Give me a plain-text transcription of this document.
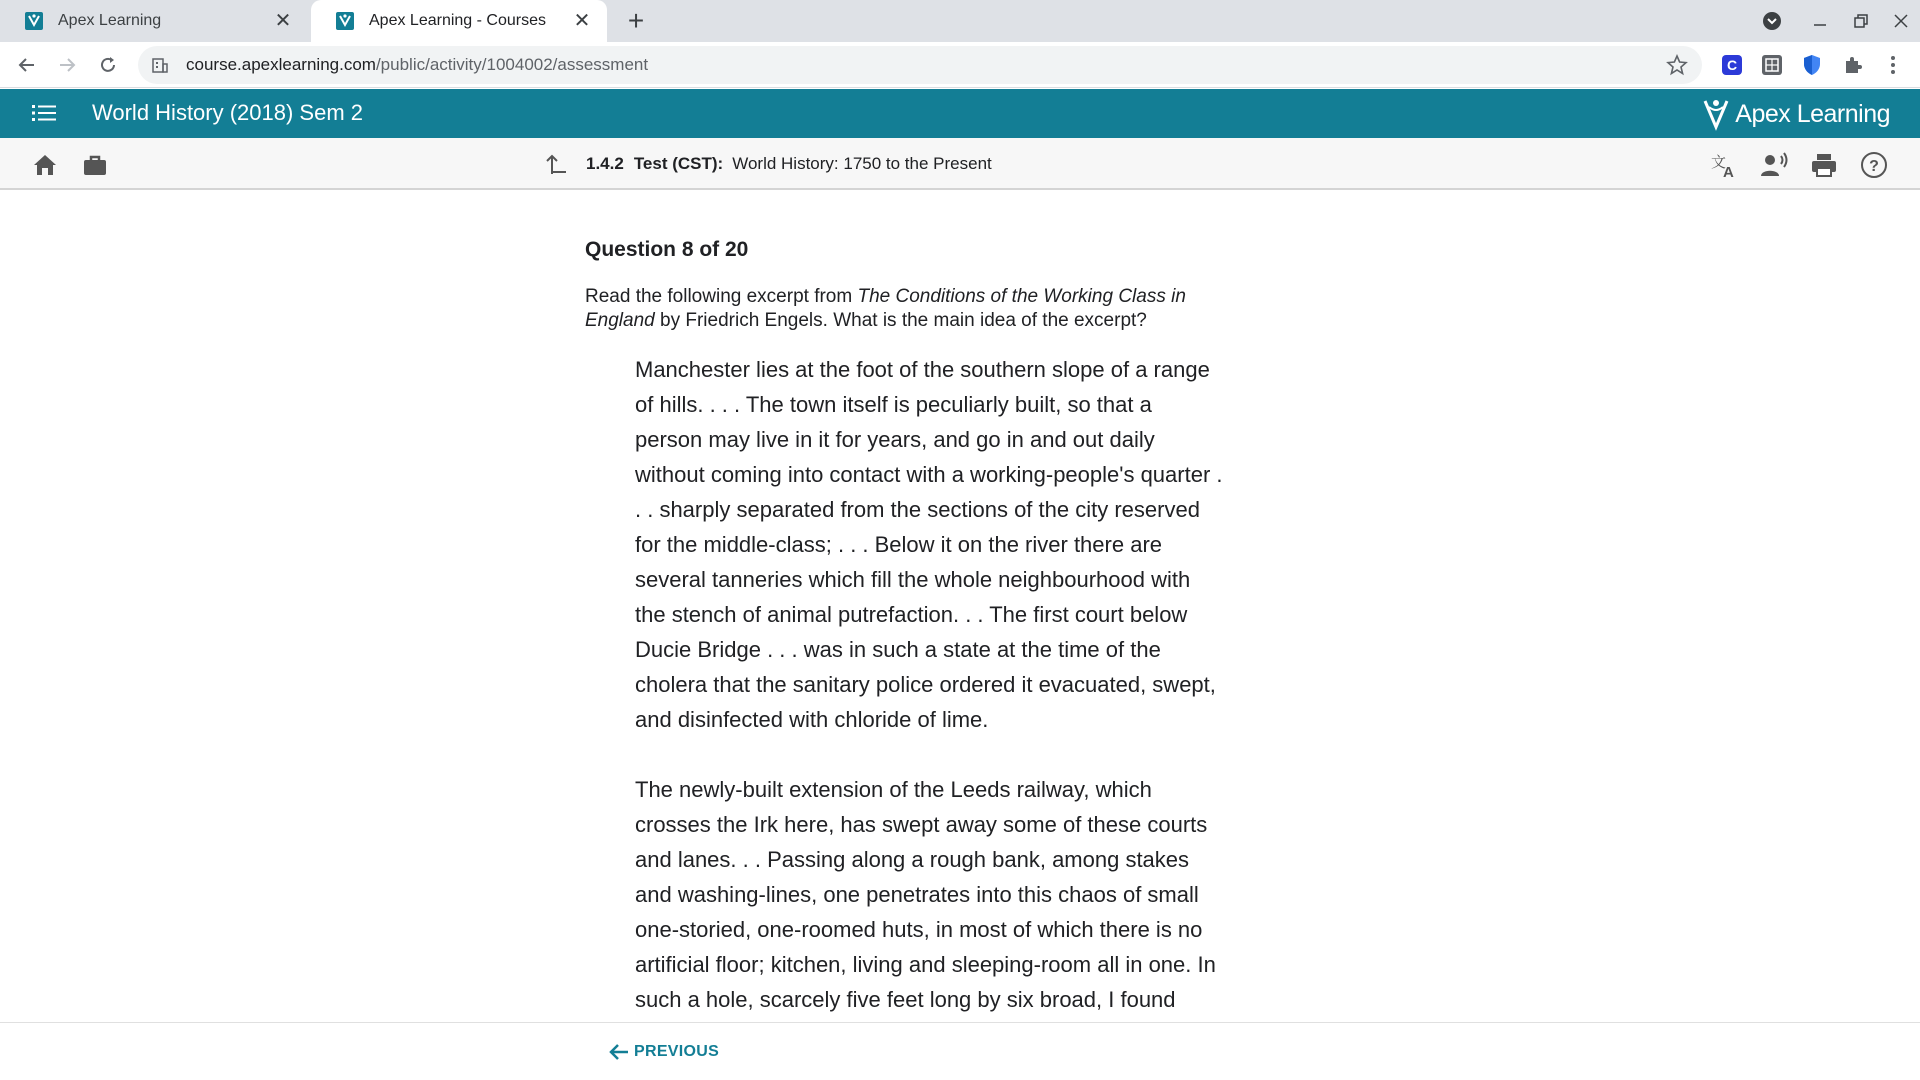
Apex Learning	✕	Apex Learning - Courses	✕ +
course.apexlearning.com/public/activity/1004002/assessment	C
World History (2018) Sem 2	Apex Learning
1.4.2 Test (CST): World History: 1750 to the Present	文
A	?
Question 8 of 20
Read the following excerpt from The Conditions of the Working Class in England by Friedrich Engels. What is the main idea of the excerpt?

Manchester lies at the foot of the southern slope of a range of hills. . . . The town itself is peculiarly built, so that a person may live in it for years, and go in and out daily without coming into contact with a working-people's quarter . . . sharply separated from the sections of the city reserved for the middle-class; . . . Below it on the river there are several tanneries which fill the whole neighbourhood with the stench of animal putrefaction. . . The first court below Ducie Bridge . . . was in such a state at the time of the cholera that the sanitary police ordered it evacuated, swept, and disinfected with chloride of lime.

The newly-built extension of the Leeds railway, which crosses the Irk here, has swept away some of these courts and lanes. . . Passing along a rough bank, among stakes and washing-lines, one penetrates into this chaos of small one-storied, one-roomed huts, in most of which there is no artificial floor; kitchen, living and sleeping-room all in one. In such a hole, scarcely five feet long by six broad, I found

PREVIOUS
